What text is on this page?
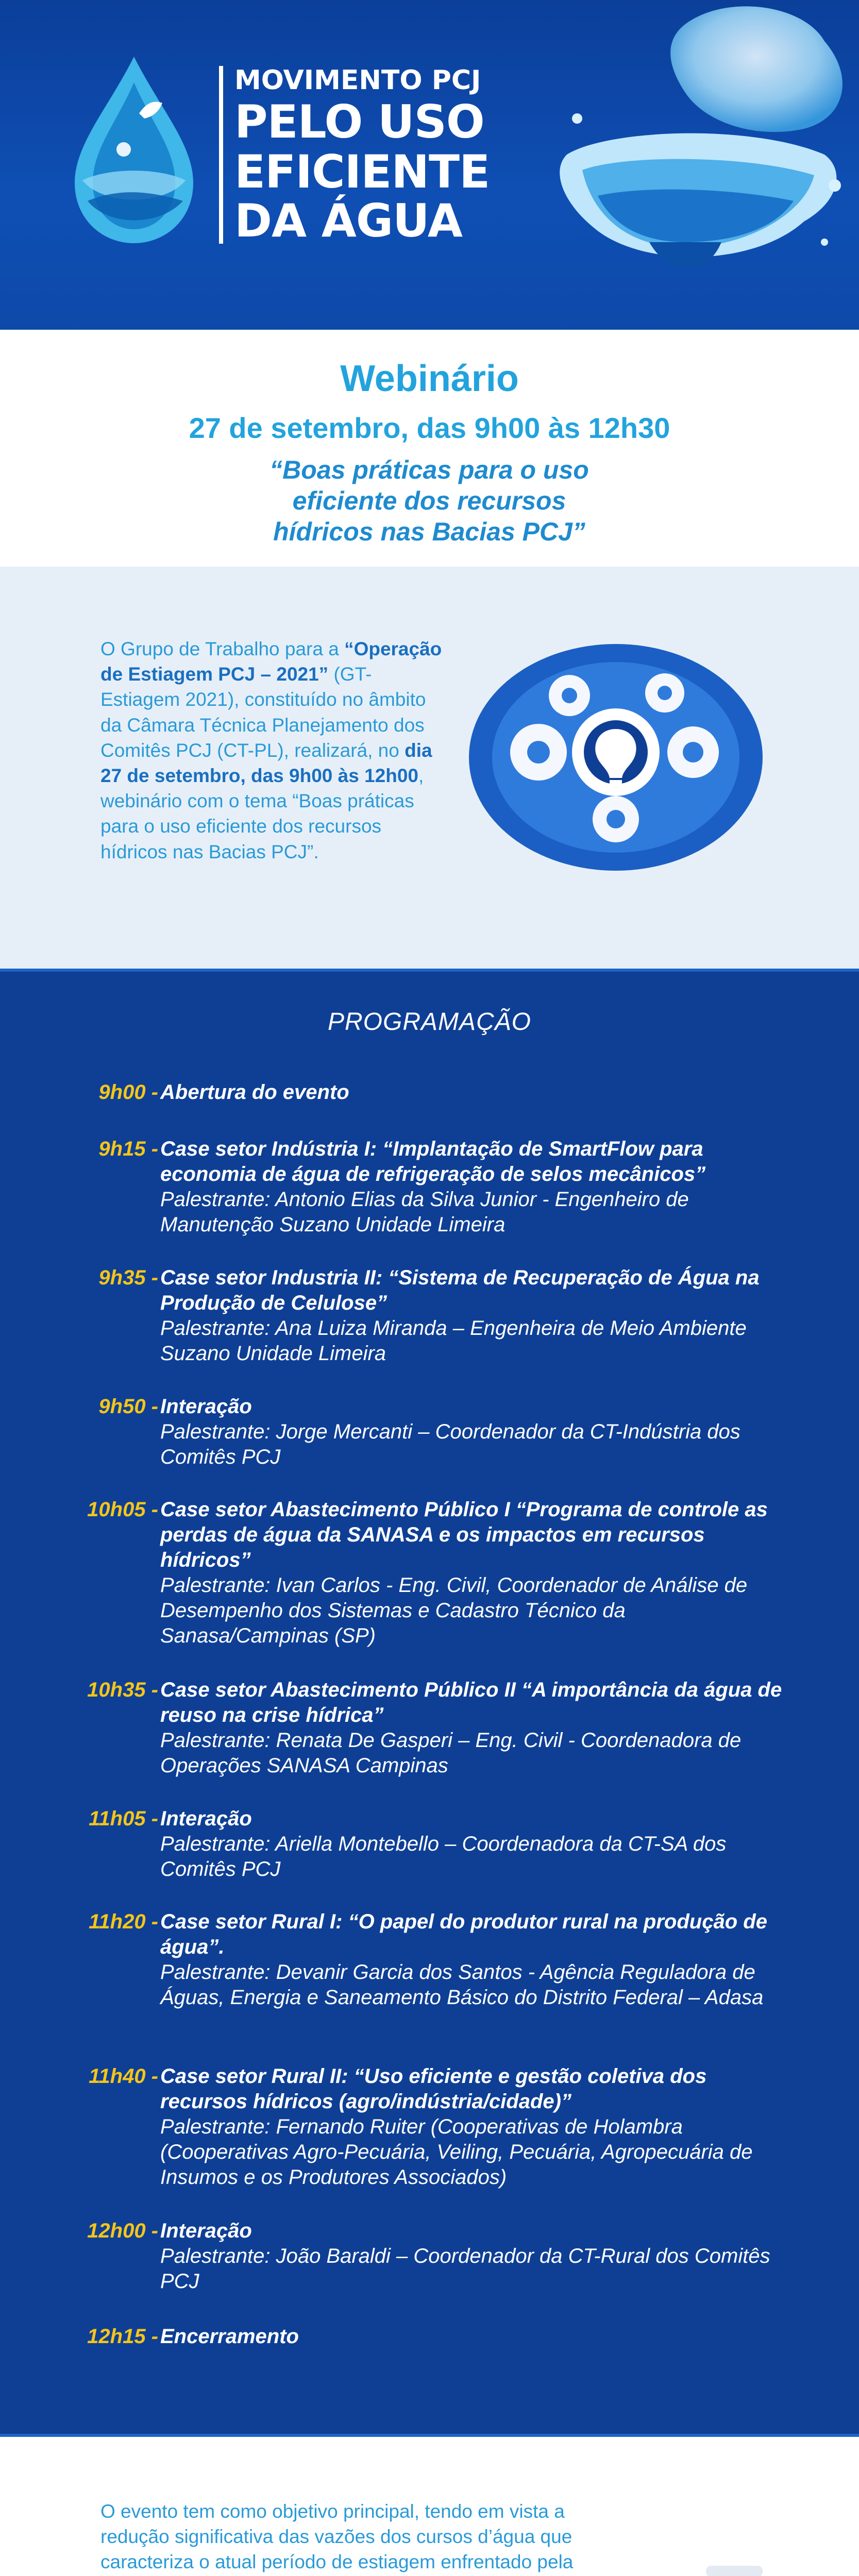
MOVIMENTO PCJ
PELO USO
EFICIENTE
DA ÁGUA
Webinário
27 de setembro, das 9h00 às 12h30
“Boas práticas para o uso eficiente dos recursos
hídricos nas Bacias PCJ”
O Grupo de Trabalho para a “Operação de Estiagem PCJ – 2021” (GT-Estiagem 2021), constituído no âmbito da Câmara Técnica Planejamento dos Comitês PCJ (CT-PL), realizará, no dia 27 de setembro, das 9h00 às 12h00, webinário com o tema “Boas práticas para o uso eficiente dos recursos hídricos nas Bacias PCJ”.
PROGRAMAÇÃO
9h00 - Abertura do evento
9h15 - Case setor Indústria I: “Implantação de SmartFlow para economia de água de refrigeração de selos mecânicos”
Palestrante: Antonio Elias da Silva Junior - Engenheiro de Manutenção Suzano Unidade Limeira
9h35 - Case setor Industria II: “Sistema de Recuperação de Água na Produção de Celulose”
Palestrante: Ana Luiza Miranda – Engenheira de Meio Ambiente Suzano Unidade Limeira
9h50 - Interação
Palestrante: Jorge Mercanti – Coordenador da CT-Indústria dos Comitês PCJ
10h05 - Case setor Abastecimento Público I “Programa de controle as perdas de água da SANASA e os impactos em recursos hídricos”
Palestrante: Ivan Carlos - Eng. Civil, Coordenador de Análise de Desempenho dos Sistemas e Cadastro Técnico da Sanasa/Campinas (SP)
10h35 - Case setor Abastecimento Público II “A importância da água de reuso na crise hídrica”
Palestrante: Renata De Gasperi – Eng. Civil - Coordenadora de Operações SANASA Campinas
11h05 - Interação
Palestrante: Ariella Montebello – Coordenadora da CT-SA dos Comitês PCJ
11h20 - Case setor Rural I: “O papel do produtor rural na produção de água”.
Palestrante: Devanir Garcia dos Santos - Agência Reguladora de Águas, Energia e Saneamento Básico do Distrito Federal – Adasa
11h40 - Case setor Rural II: “Uso eficiente e gestão coletiva dos recursos hídricos (agro/indústria/cidade)”
Palestrante: Fernando Ruiter (Cooperativas de Holambra (Cooperativas Agro-Pecuária, Veiling, Pecuária, Agropecuária de Insumos e os Produtores Associados)
12h00 - Interação
Palestrante: João Baraldi – Coordenador da CT-Rural dos Comitês PCJ
12h15 - Encerramento
O evento tem como objetivo principal, tendo em vista a redução significativa das vazões dos cursos d’água que caracteriza o atual período de estiagem enfrentado pela
